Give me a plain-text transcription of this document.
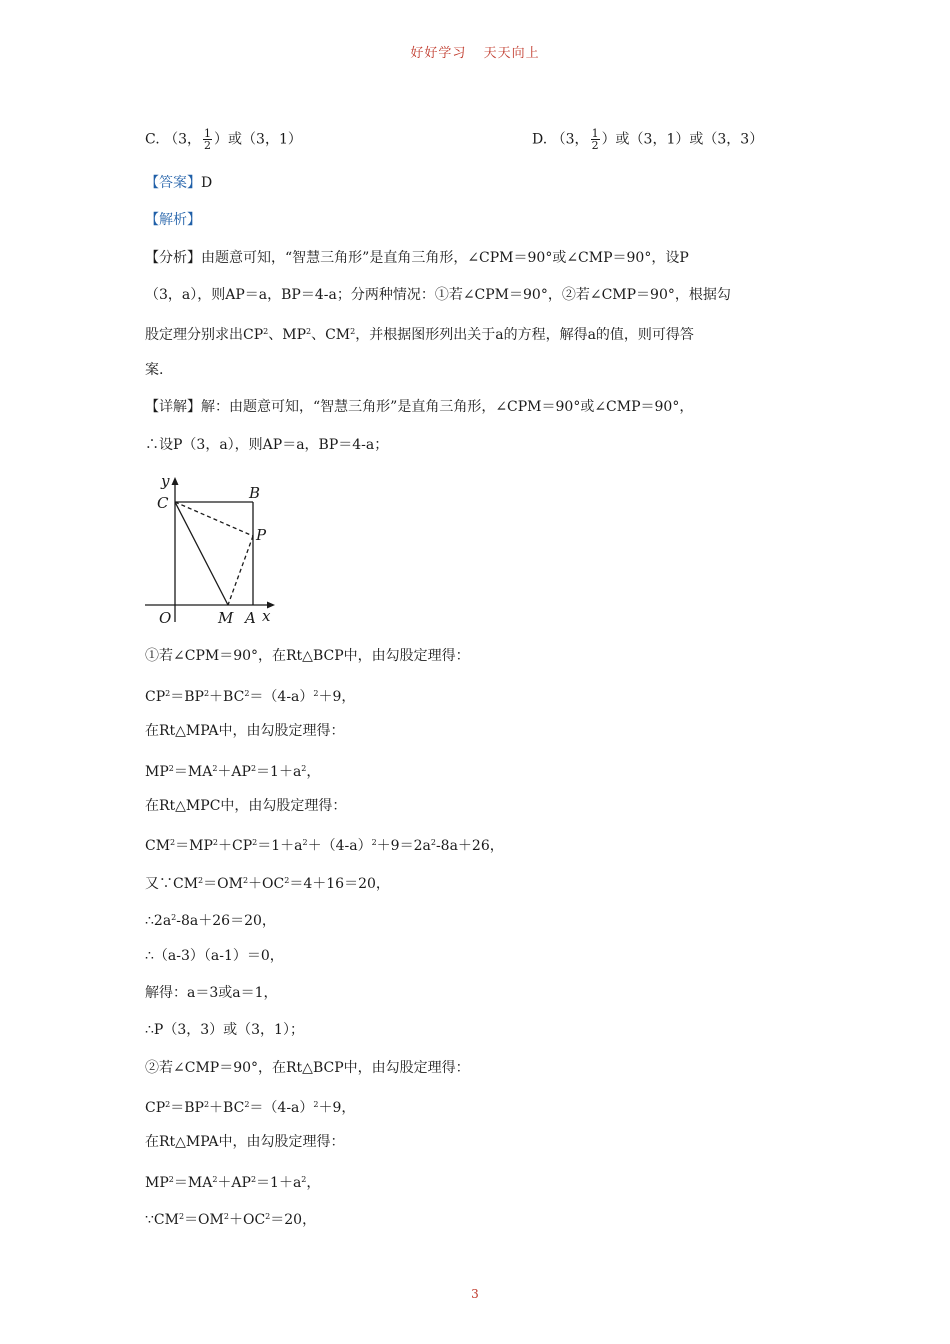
好好学习 天天向上
C. （3， $\frac{1}{2}$ ）或（3，1）	D. （3， $\frac{1}{2}$ ）或（3，1）或（3，3）
【答案】D
【解析】
【分析】由题意可知，“智慧三角形”是直角三角形，∠CPM＝90°或∠CMP＝90°，设P
（3，a），则AP＝a，BP＝4-a；分两种情况：①若∠CPM＝90°，②若∠CMP＝90°，根据勾
股定理分别求出$CP^2$、$MP^2$、$CM^2$，并根据图形列出关于a的方程，解得a的值，则可得答
案.
【详解】解：由题意可知，“智慧三角形”是直角三角形，∠CPM＝90°或∠CMP＝90°，
∴设P（3，a），则AP＝a，BP＝4-a；
①若∠CPM＝90°，在Rt△BCP中，由勾股定理得：
$CP^2=BP^2+BC^2=(4-a)^2+9$，
在Rt△MPA中，由勾股定理得：
$MP^2=MA^2+AP^2=1+a^2$，
在Rt△MPC中，由勾股定理得：
$CM^2=MP^2+CP^2=1+a^2+(4-a)^2+9=2a^2-8a+26$，
又$\because CM^2=OM^2+OC^2=4+16=20$，
$\therefore 2a^2-8a+26=20$，
∴（a-3）（a-1）＝0，
解得：a＝3或a＝1，
∴P（3，3）或（3，1）；
②若∠CMP＝90°，在Rt△BCP中，由勾股定理得：
$CP^2=BP^2+BC^2=(4-a)^2+9$，
在Rt△MPA中，由勾股定理得：
$MP^2=MA^2+AP^2=1+a^2$，
$\because CM^2=OM^2+OC^2=20$，
y
C
B
P
O	M A x
3
